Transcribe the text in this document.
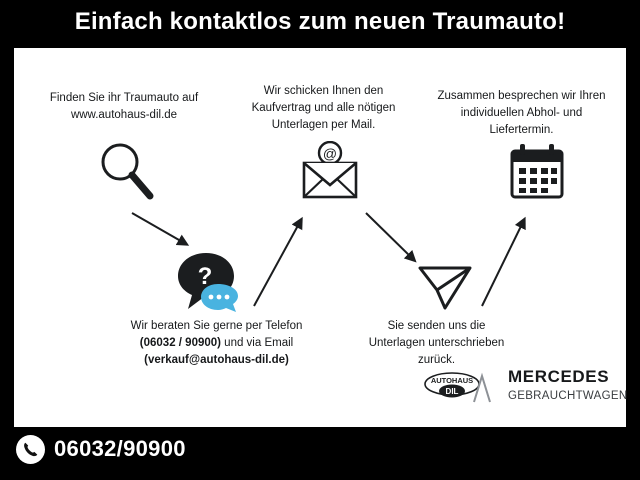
Einfach kontaktlos zum neuen Traumauto!
Finden Sie ihr Traumauto auf
www.autohaus-dil.de
Wir schicken Ihnen den
Kaufvertrag und alle nötigen
Unterlagen per Mail.
@
Zusammen besprechen wir Ihren
individuellen Abhol- und
Liefertermin.
?
Wir beraten Sie gerne per Telefon
(06032 / 90900) und via Email
(verkauf@autohaus-dil.de)
Sie senden uns die
Unterlagen unterschrieben
zurück.
AUTOHAUS
DIL
MERCEDES
GEBRAUCHTWAGEN
06032/90900
